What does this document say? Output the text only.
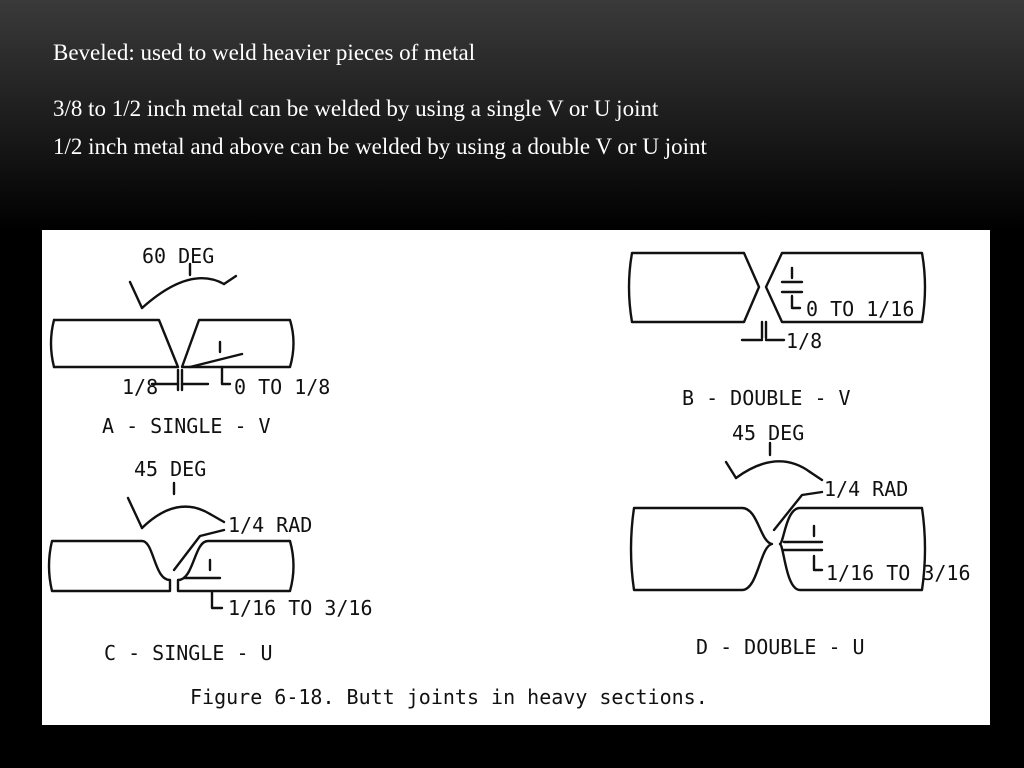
Beveled: used to weld heavier pieces of metal

3/8 to 1/2 inch metal can be welded by using a single V or U joint
1/2 inch metal and above can be welded by using a double V or U joint

60 DEG
1/8	0 TO 1/8
A - SINGLE - V
0 TO 1/16
1/8
B - DOUBLE - V
45 DEG
1/4 RAD
1/16 TO 3/16
C - SINGLE - U
45 DEG
1/4 RAD
1/16 TO 3/16
D - DOUBLE - U
Figure 6-18. Butt joints in heavy sections.
